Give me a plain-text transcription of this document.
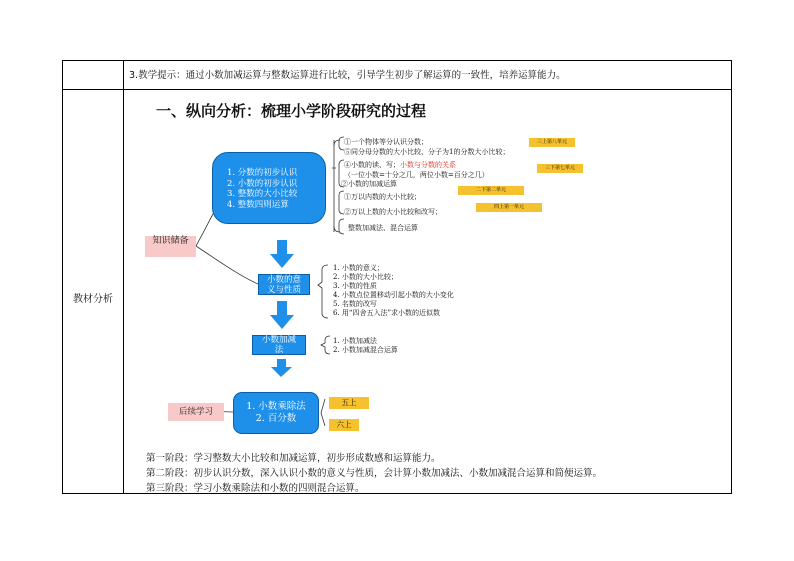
3.教学提示：通过小数加减运算与整数运算进行比较，引导学生初步了解运算的一致性，培养运算能力。
教材分析
一、纵向分析：梳理小学阶段研究的过程
1. 分数的初步认识
2. 小数的初步认识
3. 整数的大小比较
4. 整数四则运算
知识储备
①一个物体等分认识分数；
⑤同分母分数的大小比较、分子为1的分数大小比较；
④小数的读、写；小数与分数的关系
（一位小数=十分之几，两位小数=百分之几）
②小数的加减运算
①万以内数的大小比较；
②万以上数的大小比较和改写；
整数加减法、混合运算
三上第八单元
三下第七单元
二下第二单元
四上第一单元
小数的意
义与性质
1. 小数的意义；
2. 小数的大小比较；
3. 小数的性质
4. 小数点位置移动引起小数的大小变化
5. 名数的改写
6. 用“四舍五入法”求小数的近似数
小数加减
法
1. 小数加减法
2. 小数加减混合运算
后续学习	1. 小数乘除法
2. 百分数
五上
六上
第一阶段：学习整数大小比较和加减运算，初步形成数感和运算能力。
第二阶段：初步认识分数，深入认识小数的意义与性质，会计算小数加减法、小数加减混合运算和简便运算。
第三阶段：学习小数乘除法和小数的四则混合运算。
